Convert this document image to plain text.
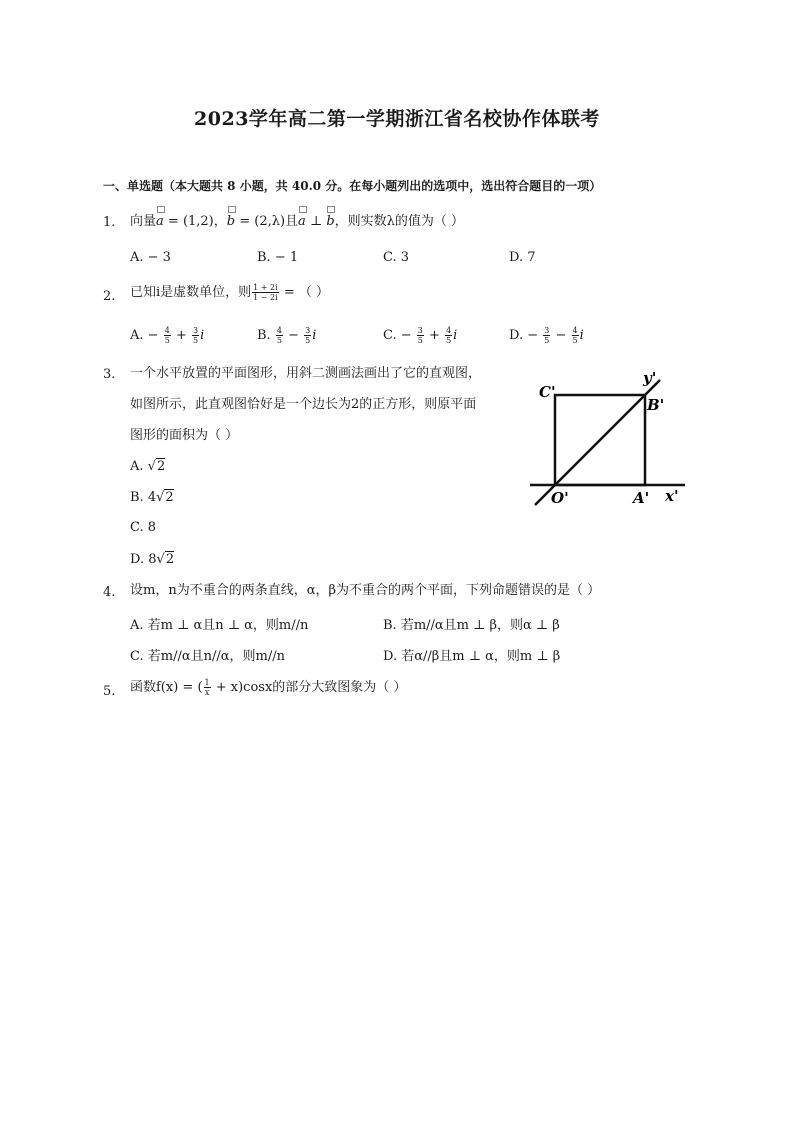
2023学年高二第一学期浙江省名校协作体联考
一、单选题（本大题共 8 小题，共 40.0 分。在每小题列出的选项中，选出符合题目的一项）
1. 向量a = (1,2)，b = (2,λ)且a ⊥ b，则实数λ的值为（ ）
A. − 3	B. − 1	C. 3	D. 7
2. 已知i是虚数单位，则 $\frac{1 + 2i}{1 - 2i}$ = （ ）
A. − $\frac{4}{5} + \frac{3}{5}$ i	B. $\frac{4}{5} - \frac{3}{5}$ i	C. − $\frac{3}{5} + \frac{4}{5}$ i	D. − $\frac{3}{5} - \frac{4}{5}$ i
3. 一个水平放置的平面图形，用斜二测画法画出了它的直观图，
如图所示，此直观图恰好是一个边长为2的正方形，则原平面
图形的面积为（ ）
A. √2
B. 4√2
C. 8
D. 8√2
C'
y'
B'
O'	A' x'
4. 设m，n为不重合的两条直线，α，β为不重合的两个平面，下列命题错误的是（ ）
A. 若m ⊥ α且n ⊥ α，则m//n	B. 若m//α且m ⊥ β，则α ⊥ β
C. 若m//α且n//α，则m//n	D. 若α//β且m ⊥ α，则m ⊥ β
5. 函数f(x) = ( $\frac{1}{x} + x)\cos x$的部分大致图象为（ ）
